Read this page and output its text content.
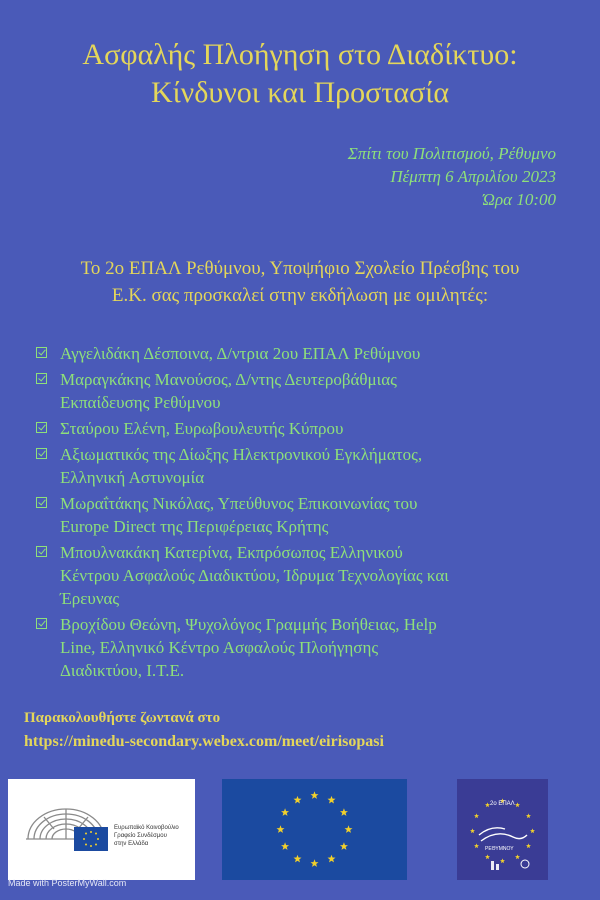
Ασφαλής Πλοήγηση στο Διαδίκτυο:
Κίνδυνοι και Προστασία
Σπίτι του Πολιτισμού, Ρέθυμνο
Πέμπτη 6 Απριλίου 2023
Ώρα 10:00
Το 2ο ΕΠΑΛ Ρεθύμνου, Υποψήφιο Σχολείο Πρέσβης του
Ε.Κ. σας προσκαλεί στην εκδήλωση με ομιλητές:
Αγγελιδάκη Δέσποινα, Δ/ντρια 2ου ΕΠΑΛ Ρεθύμνου
Μαραγκάκης Μανούσος, Δ/ντης Δευτεροβάθμιας
Εκπαίδευσης Ρεθύμνου
Σταύρου Ελένη, Ευρωβουλευτής Κύπρου
Αξιωματικός της Δίωξης Ηλεκτρονικού Εγκλήματος,
Ελληνική Αστυνομία
Μωραΐτάκης Νικόλας, Υπεύθυνος Επικοινωνίας του
Europe Direct της Περιφέρειας Κρήτης
Μπουλνακάκη Κατερίνα, Εκπρόσωπος Ελληνικού
Κέντρου Ασφαλούς Διαδικτύου, Ίδρυμα Τεχνολογίας και
Έρευνας
Βροχίδου Θεώνη, Ψυχολόγος Γραμμής Βοήθειας, Help
Line, Ελληνικό Κέντρο Ασφαλούς Πλοήγησης
Διαδικτύου, Ι.Τ.Ε.
Παρακολουθήστε ζωντανά στο
https://minedu-secondary.webex.com/meet/eirisopasi
Ευρωπαϊκό Κοινοβούλιο
Γραφείο Συνδέσμου
στην Ελλάδα
2ο ΕΠΑΛ
ΡΕΘΥΜΝΟΥ
Made with PosterMyWall.com
